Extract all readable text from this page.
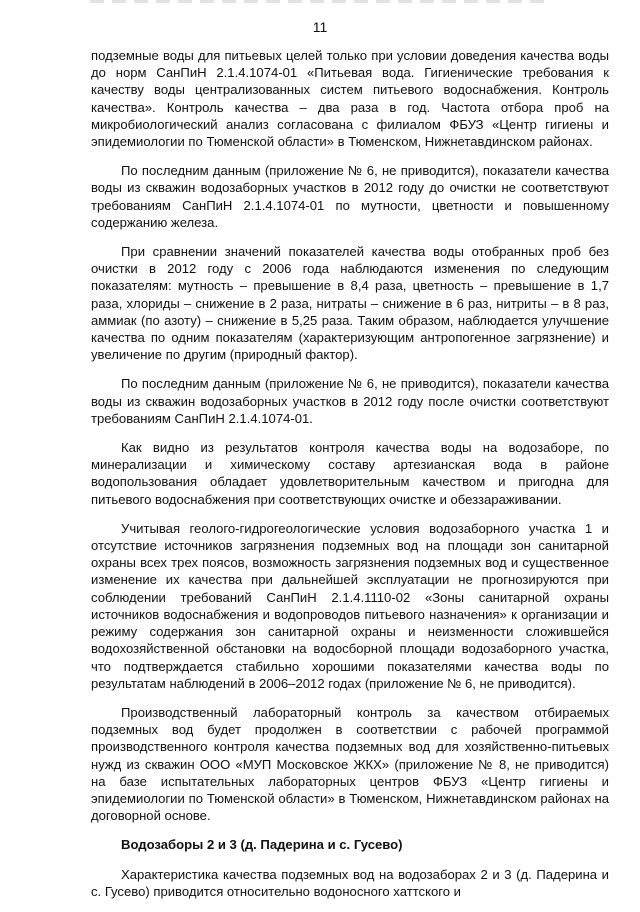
11

подземные воды для питьевых целей только при условии доведения качества воды до норм СанПиН 2.1.4.1074-01 «Питьевая вода. Гигиенические требования к качеству воды централизованных систем питьевого водоснабжения. Контроль качества». Контроль качества – два раза в год. Частота отбора проб на микробиологический анализ согласована с филиалом ФБУЗ «Центр гигиены и эпидемиологии по Тюменской области» в Тюменском, Нижнетавдинском районах.

По последним данным (приложение № 6, не приводится), показатели качества воды из скважин водозаборных участков в 2012 году до очистки не соответствуют требованиям СанПиН 2.1.4.1074-01 по мутности, цветности и повышенному содержанию железа.

При сравнении значений показателей качества воды отобранных проб без очистки в 2012 году с 2006 года наблюдаются изменения по следующим показателям: мутность – превышение в 8,4 раза, цветность – превышение в 1,7 раза, хлориды – снижение в 2 раза, нитраты – снижение в 6 раз, нитриты – в 8 раз, аммиак (по азоту) – снижение в 5,25 раза. Таким образом, наблюдается улучшение качества по одним показателям (характеризующим антропогенное загрязнение) и увеличение по другим (природный фактор).

По последним данным (приложение № 6, не приводится), показатели качества воды из скважин водозаборных участков в 2012 году после очистки соответствуют требованиям СанПиН 2.1.4.1074-01.

Как видно из результатов контроля качества воды на водозаборе, по минерализации и химическому составу артезианская вода в районе водопользования обладает удовлетворительным качеством и пригодна для питьевого водоснабжения при соответствующих очистке и обеззараживании.

Учитывая геолого-гидрогеологические условия водозаборного участка 1 и отсутствие источников загрязнения подземных вод на площади зон санитарной охраны всех трех поясов, возможность загрязнения подземных вод и существенное изменение их качества при дальнейшей эксплуатации не прогнозируются при соблюдении требований СанПиН 2.1.4.1110-02 «Зоны санитарной охраны источников водоснабжения и водопроводов питьевого назначения» к организации и режиму содержания зон санитарной охраны и неизменности сложившейся водохозяйственной обстановки на водосборной площади водозаборного участка, что подтверждается стабильно хорошими показателями качества воды по результатам наблюдений в 2006–2012 годах (приложение № 6, не приводится).

Производственный лабораторный контроль за качеством отбираемых подземных вод будет продолжен в соответствии с рабочей программой производственного контроля качества подземных вод для хозяйственно-питьевых нужд из скважин ООО «МУП Московское ЖКХ» (приложение № 8, не приводится) на базе испытательных лабораторных центров ФБУЗ «Центр гигиены и эпидемиологии по Тюменской области» в Тюменском, Нижнетавдинском районах на договорной основе.

Водозаборы 2 и 3 (д. Падерина и с. Гусево)

Характеристика качества подземных вод на водозаборах 2 и 3 (д. Падерина и с. Гусево) приводится относительно водоносного хаттского и
